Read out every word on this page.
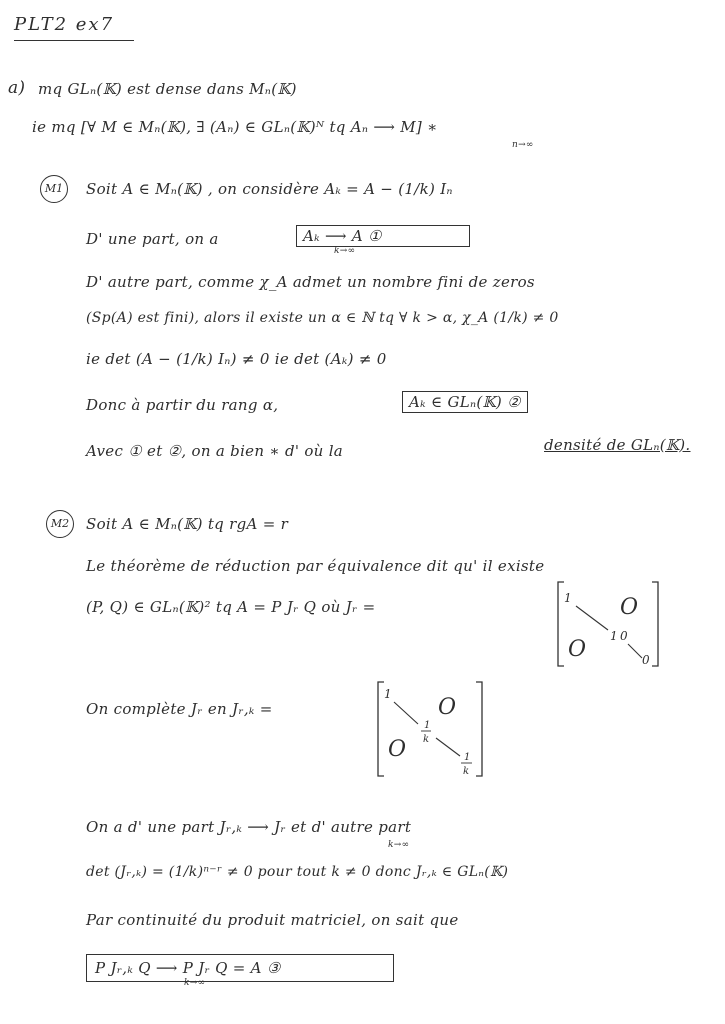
PLT2 ex7
a) mq GLₙ(𝕂) est dense dans Mₙ(𝕂)
ie mq [∀ M ∈ Mₙ(𝕂), ∃ (Aₙ) ∈ GLₙ(𝕂)ᴺ tq Aₙ ⟶ M] ∗
n→∞
M1	Soit A ∈ Mₙ(𝕂) , on considère Aₖ = A − (1/k) Iₙ
D' une part, on a	Aₖ ⟶ A ①
k→∞
D' autre part, comme χ_A admet un nombre fini de zeros
(Sp(A) est fini), alors il existe un α ∈ ℕ tq ∀ k > α, χ_A (1/k) ≠ 0
ie det (A − (1/k) Iₙ) ≠ 0 ie det (Aₖ) ≠ 0
Donc à partir du rang α,	Aₖ ∈ GLₙ(𝕂) ②
Avec ① et ②, on a bien ∗ d' où la	densité de GLₙ(𝕂).
M2	Soit A ∈ Mₙ(𝕂) tq rgA = r
Le théorème de réduction par équivalence dit qu' il existe
(P, Q) ∈ GLₙ(𝕂)² tq A = P Jᵣ Q où Jᵣ =	1 O
1 0
0
O
On complète Jᵣ en Jᵣ,ₖ =
1
O
1
k
1
k
O
On a d' une part Jᵣ,ₖ ⟶ Jᵣ et d' autre part
k→∞
det (Jᵣ,ₖ) = (1/k)ⁿ⁻ʳ ≠ 0 pour tout k ≠ 0 donc Jᵣ,ₖ ∈ GLₙ(𝕂)
Par continuité du produit matriciel, on sait que
P Jᵣ,ₖ Q ⟶ P Jᵣ Q = A ③
k→∞
